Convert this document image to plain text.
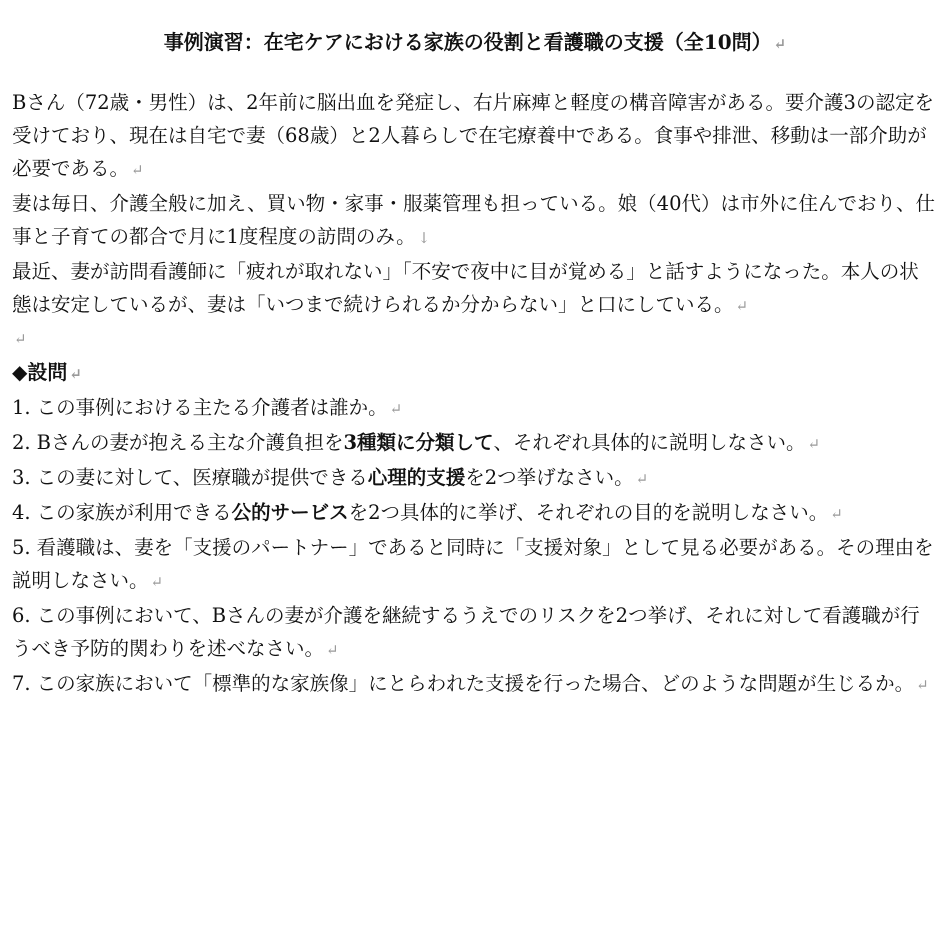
事例演習：在宅ケアにおける家族の役割と看護職の支援（全10問） ↵
Bさん（72歳・男性）は、2年前に脳出血を発症し、右片麻痺と軽度の構音障害がある。要介護3の認定を受けており、現在は自宅で妻（68歳）と2人暮らしで在宅療養中である。食事や排泄、移動は一部介助が必要である。 ↵
妻は毎日、介護全般に加え、買い物・家事・服薬管理も担っている。娘（40代）は市外に住んでおり、仕事と子育ての都合で月に1度程度の訪問のみ。 ↓
最近、妻が訪問看護師に「疲れが取れない」「不安で夜中に目が覚める」と話すようになった。本人の状態は安定しているが、妻は「いつまで続けられるか分からない」と口にしている。 ↵
↵
◆設問 ↵
1. この事例における主たる介護者は誰か。 ↵
2. Bさんの妻が抱える主な介護負担を3種類に分類して、それぞれ具体的に説明しなさい。 ↵
3. この妻に対して、医療職が提供できる心理的支援を2つ挙げなさい。 ↵
4. この家族が利用できる公的サービスを2つ具体的に挙げ、それぞれの目的を説明しなさい。 ↵
5. 看護職は、妻を「支援のパートナー」であると同時に「支援対象」として見る必要がある。その理由を説明しなさい。 ↵
6. この事例において、Bさんの妻が介護を継続するうえでのリスクを2つ挙げ、それに対して看護職が行うべき予防的関わりを述べなさい。 ↵
7. この家族において「標準的な家族像」にとらわれた支援を行った場合、どのような問題が生じるか。 ↵
